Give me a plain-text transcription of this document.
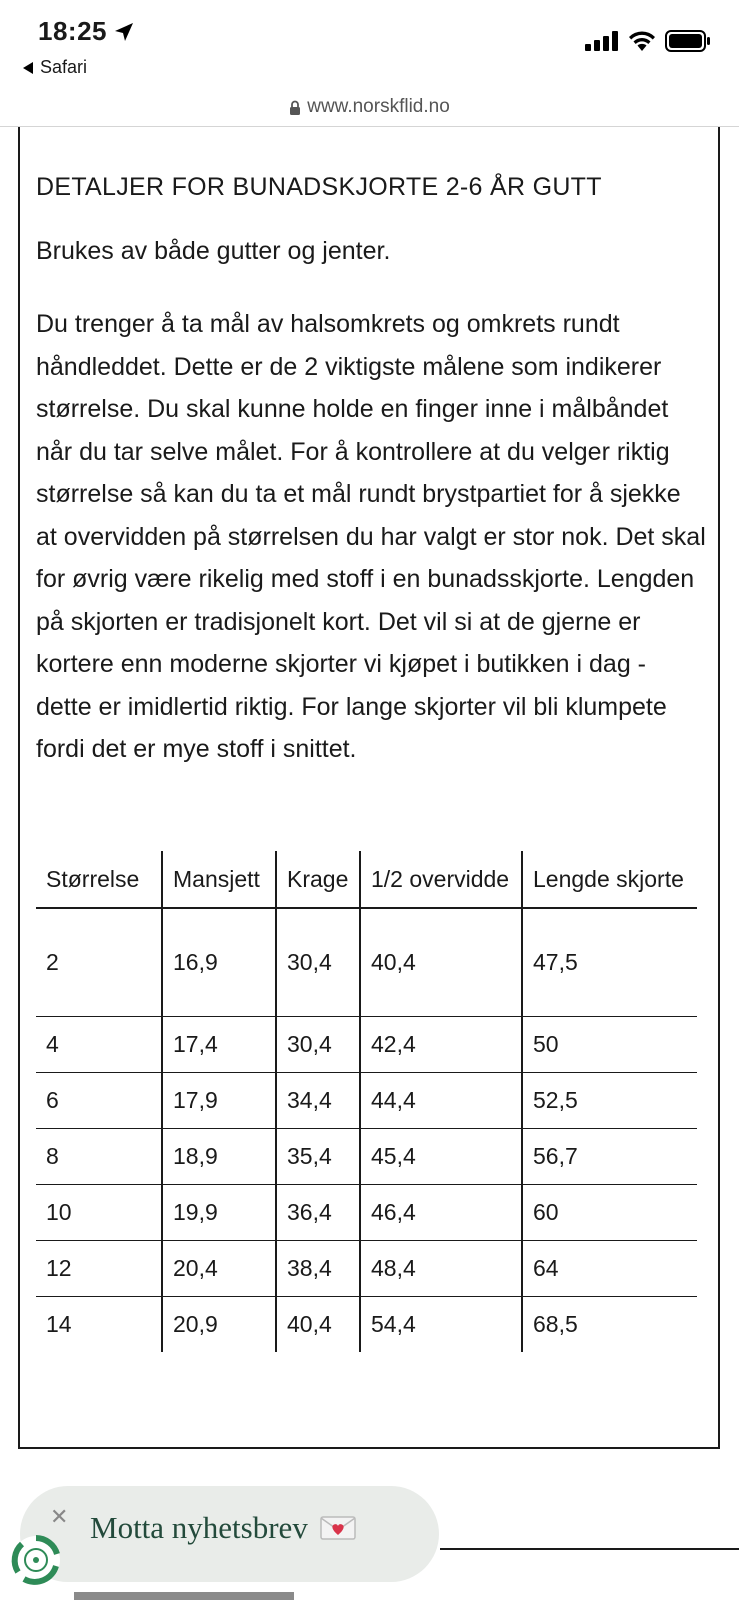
18:25
Safari
www.norskflid.no
DETALJER FOR BUNADSKJORTE 2-6 ÅR GUTT
Brukes av både gutter og jenter.
Du trenger å ta mål av halsomkrets og omkrets rundt håndleddet. Dette er de 2 viktigste målene som indikerer størrelse. Du skal kunne holde en finger inne i målbåndet når du tar selve målet. For å kontrollere at du velger riktig størrelse så kan du ta et mål rundt brystpartiet for å sjekke at overvidden på størrelsen du har valgt er stor nok. Det skal for øvrig være rikelig med stoff i en bunadsskjorte. Lengden på skjorten er tradisjonelt kort. Det vil si at de gjerne er kortere enn moderne skjorter vi kjøpet i butikken i dag - dette er imidlertid riktig. For lange skjorter vil bli klumpete fordi det er mye stoff i snittet.
Størrelse	Mansjett	Krage	1/2 overvidde	Lengde skjorte
2	16,9	30,4	40,4	47,5
4	17,4	30,4	42,4	50
6	17,9	34,4	44,4	52,5
8	18,9	35,4	45,4	56,7
10	19,9	36,4	46,4	60
12	20,4	38,4	48,4	64
14	20,9	40,4	54,4	68,5
✕ Motta nyhetsbrev
